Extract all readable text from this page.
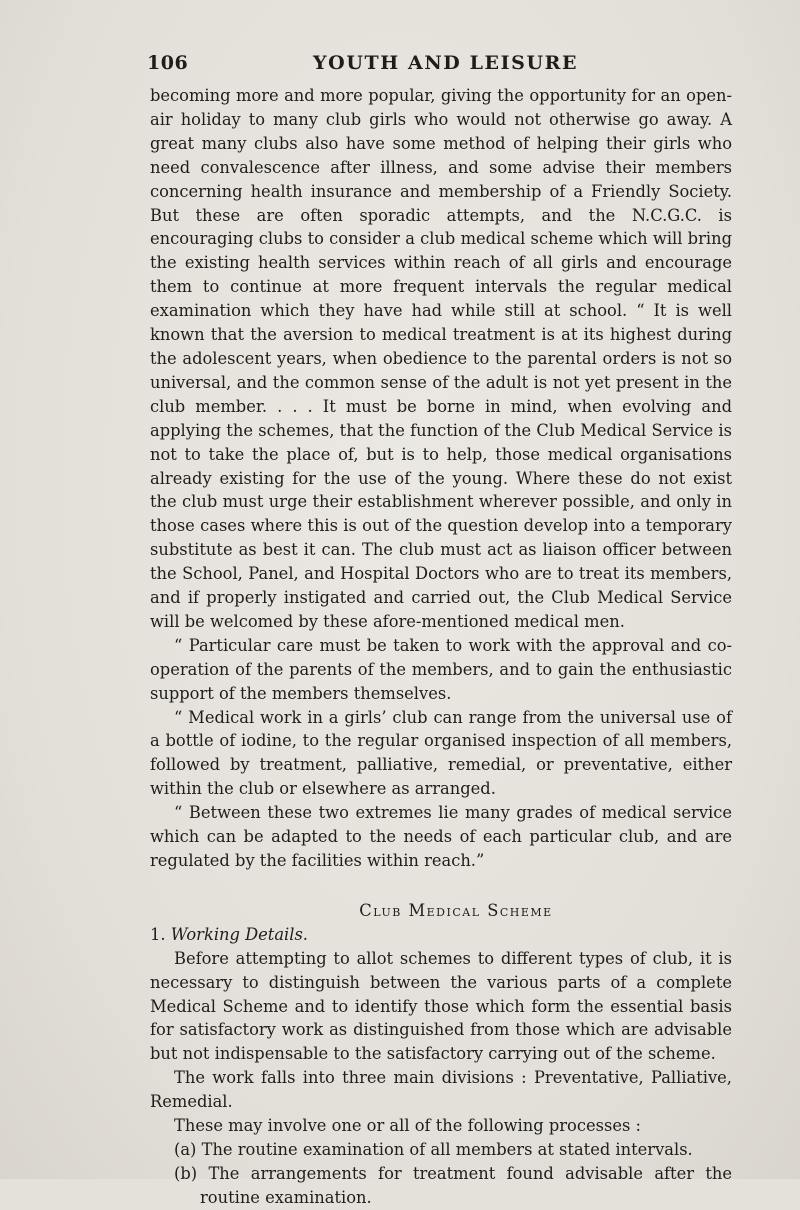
106	YOUTH AND LEISURE

becoming more and more popular, giving the opportunity for an open-air holiday to many club girls who would not otherwise go away. A great many clubs also have some method of helping their girls who need convalescence after illness, and some advise their members concerning health insurance and membership of a Friendly Society. But these are often sporadic attempts, and the N.C.G.C. is encouraging clubs to consider a club medical scheme which will bring the existing health services within reach of all girls and encourage them to continue at more frequent intervals the regular medical examination which they have had while still at school. “ It is well known that the aversion to medical treatment is at its highest during the adolescent years, when obedience to the parental orders is not so universal, and the common sense of the adult is not yet present in the club member. . . . It must be borne in mind, when evolving and applying the schemes, that the function of the Club Medical Service is not to take the place of, but is to help, those medical organisations already existing for the use of the young. Where these do not exist the club must urge their establishment wherever possible, and only in those cases where this is out of the question develop into a temporary substitute as best it can. The club must act as liaison officer between the School, Panel, and Hospital Doctors who are to treat its members, and if properly instigated and carried out, the Club Medical Service will be welcomed by these afore-mentioned medical men.

“ Particular care must be taken to work with the approval and co-operation of the parents of the members, and to gain the enthusiastic support of the members themselves.

“ Medical work in a girls’ club can range from the universal use of a bottle of iodine, to the regular organised inspection of all members, followed by treatment, palliative, remedial, or preventative, either within the club or elsewhere as arranged.

“ Between these two extremes lie many grades of medical service which can be adapted to the needs of each particular club, and are regulated by the facilities within reach.”

Club Medical Scheme

1. Working Details.

Before attempting to allot schemes to different types of club, it is necessary to distinguish between the various parts of a complete Medical Scheme and to identify those which form the essential basis for satisfactory work as distinguished from those which are advisable but not indispensable to the satisfactory carrying out of the scheme.

The work falls into three main divisions : Preventative, Palliative, Remedial.

These may involve one or all of the following processes :

(a) The routine examination of all members at stated intervals.

(b) The arrangements for treatment found advisable after the routine examination.
